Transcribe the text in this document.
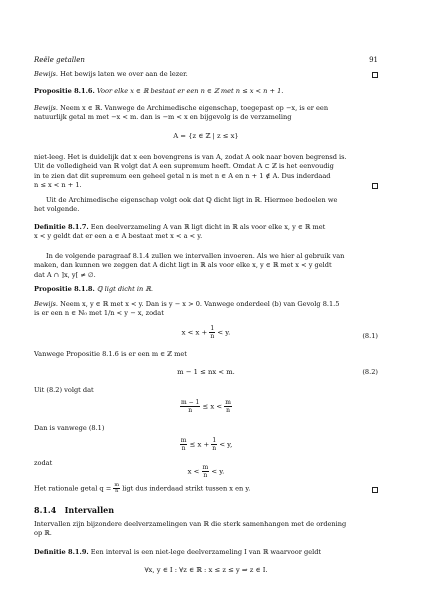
Reële getallen	91
Bewijs. Het bewijs laten we over aan de lezer.
Propositie 8.1.6. Voor elke x ∈ ℝ bestaat er een n ∈ ℤ met n ≤ x < n + 1.
Bewijs. Neem x ∈ ℝ. Vanwege de Archimedische eigenschap, toegepast op −x, is er een
natuurlijk getal m met −x < m. dan is −m < x en bijgevolg is de verzameling
A = {z ∈ ℤ | z ≤ x}
niet-leeg. Het is duidelijk dat x een bovengrens is van A, zodat A ook naar boven begrensd is.
Uit de volledigheid van ℝ volgt dat A een supremum heeft. Omdat A ⊂ ℤ is het eenvoudig
in te zien dat dit supremum een geheel getal n is met n ∈ A en n + 1 ∉ A. Dus inderdaad
n ≤ x < n + 1.
Uit de Archimedische eigenschap volgt ook dat ℚ dicht ligt in ℝ. Hiermee bedoelen we
het volgende.
Definitie 8.1.7. Een deelverzameling A van ℝ ligt dicht in ℝ als voor elke x, y ∈ ℝ met
x < y geldt dat er een a ∈ A bestaat met x < a < y.
In de volgende paragraaf 8.1.4 zullen we intervallen invoeren. Als we hier al gebruik van
maken, dan kunnen we zeggen dat A dicht ligt in ℝ als voor elke x, y ∈ ℝ met x < y geldt
dat A ∩ ]x, y[ ≠ ∅.
Propositie 8.1.8. ℚ ligt dicht in ℝ.
Bewijs. Neem x, y ∈ ℝ met x < y. Dan is y − x > 0. Vanwege onderdeel (b) van Gevolg 8.1.5
is er een n ∈ ℕ₀ met 1/n < y − x, zodat
$x < x + \frac{1}{n} < y$.	(8.1)
Vanwege Propositie 8.1.6 is er een m ∈ ℤ met
m − 1 ≤ nx < m.	(8.2)
Uit (8.2) volgt dat
$\frac{m - 1}{n} \le x < \frac{m}{n}$
Dan is vanwege (8.1)
$\frac{m}{n} \le x + \frac{1}{n} < y$,
zodat
$x < \frac{m}{n} < y$.
Het rationale getal $q = \frac{m}{n}$ ligt dus inderdaad strikt tussen x en y.
8.1.4 Intervallen
Intervallen zijn bijzondere deelverzamelingen van ℝ die sterk samenhangen met de ordening
op ℝ.
Definitie 8.1.9. Een interval is een niet-lege deelverzameling I van ℝ waarvoor geldt
∀x, y ∈ I : ∀z ∈ ℝ : x ≤ z ≤ y ⇒ z ∈ I.
